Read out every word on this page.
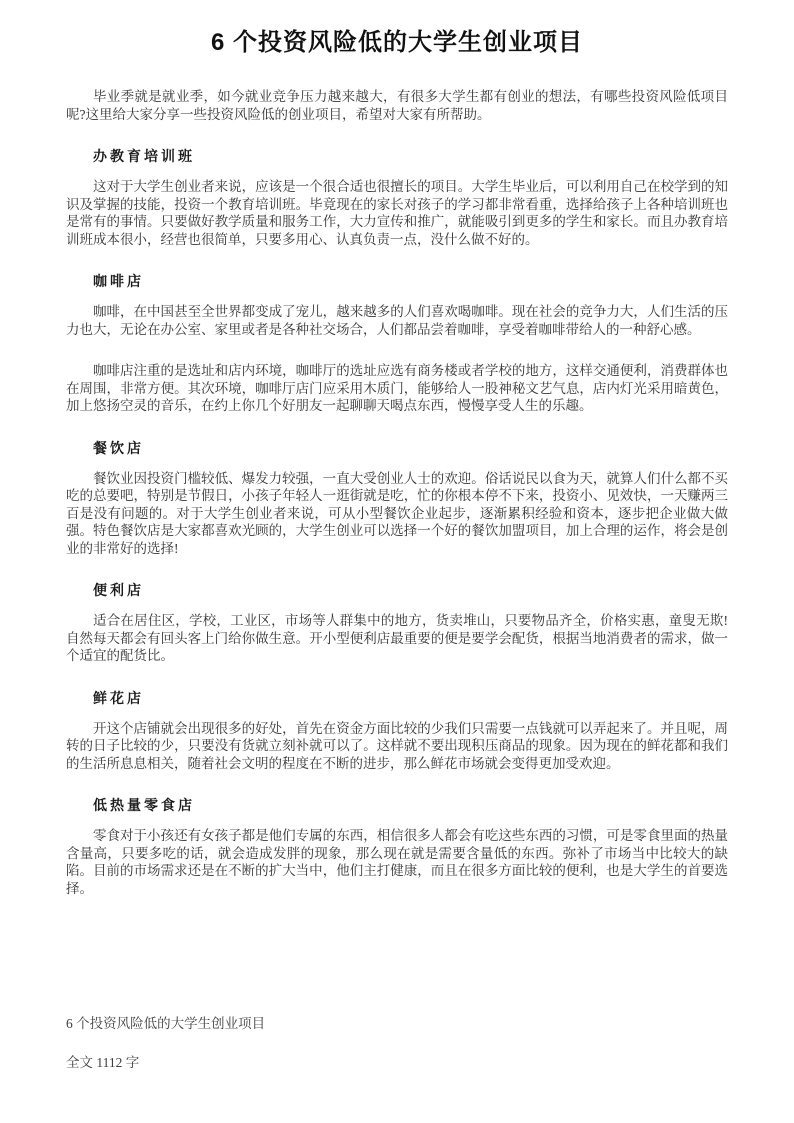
6 个投资风险低的大学生创业项目

毕业季就是就业季，如今就业竞争压力越来越大，有很多大学生都有创业的想法，有哪些投资风险低项目呢?这里给大家分享一些投资风险低的创业项目，希望对大家有所帮助。

办教育培训班

这对于大学生创业者来说，应该是一个很合适也很擅长的项目。大学生毕业后，可以利用自己在校学到的知识及掌握的技能，投资一个教育培训班。毕竟现在的家长对孩子的学习都非常看重，选择给孩子上各种培训班也是常有的事情。只要做好教学质量和服务工作，大力宣传和推广，就能吸引到更多的学生和家长。而且办教育培训班成本很小，经营也很简单，只要多用心、认真负责一点，没什么做不好的。

咖啡店

咖啡，在中国甚至全世界都变成了宠儿，越来越多的人们喜欢喝咖啡。现在社会的竞争力大，人们生活的压力也大，无论在办公室、家里或者是各种社交场合，人们都品尝着咖啡，享受着咖啡带给人的一种舒心感。

咖啡店注重的是选址和店内环境，咖啡厅的选址应选有商务楼或者学校的地方，这样交通便利，消费群体也在周围，非常方便。其次环境，咖啡厅店门应采用木质门，能够给人一股神秘文艺气息，店内灯光采用暗黄色，加上悠扬空灵的音乐，在约上你几个好朋友一起聊聊天喝点东西，慢慢享受人生的乐趣。

餐饮店

餐饮业因投资门槛较低、爆发力较强，一直大受创业人士的欢迎。俗话说民以食为天，就算人们什么都不买吃的总要吧，特别是节假日，小孩子年轻人一逛街就是吃，忙的你根本停不下来，投资小、见效快，一天赚两三百是没有问题的。对于大学生创业者来说，可从小型餐饮企业起步，逐渐累积经验和资本，逐步把企业做大做强。特色餐饮店是大家都喜欢光顾的，大学生创业可以选择一个好的餐饮加盟项目，加上合理的运作，将会是创业的非常好的选择!

便利店

适合在居住区，学校，工业区，市场等人群集中的地方，货卖堆山，只要物品齐全，价格实惠，童叟无欺!自然每天都会有回头客上门给你做生意。开小型便利店最重要的便是要学会配货，根据当地消费者的需求，做一个适宜的配货比。

鲜花店

开这个店铺就会出现很多的好处，首先在资金方面比较的少我们只需要一点钱就可以弄起来了。并且呢，周转的日子比较的少，只要没有货就立刻补就可以了。这样就不要出现积压商品的现象。因为现在的鲜花都和我们的生活所息息相关，随着社会文明的程度在不断的进步，那么鲜花市场就会变得更加受欢迎。

低热量零食店

零食对于小孩还有女孩子都是他们专属的东西，相信很多人都会有吃这些东西的习惯，可是零食里面的热量含量高，只要多吃的话，就会造成发胖的现象，那么现在就是需要含量低的东西。弥补了市场当中比较大的缺陷。目前的市场需求还是在不断的扩大当中，他们主打健康，而且在很多方面比较的便利，也是大学生的首要选择。

6 个投资风险低的大学生创业项目

全文 1112 字
